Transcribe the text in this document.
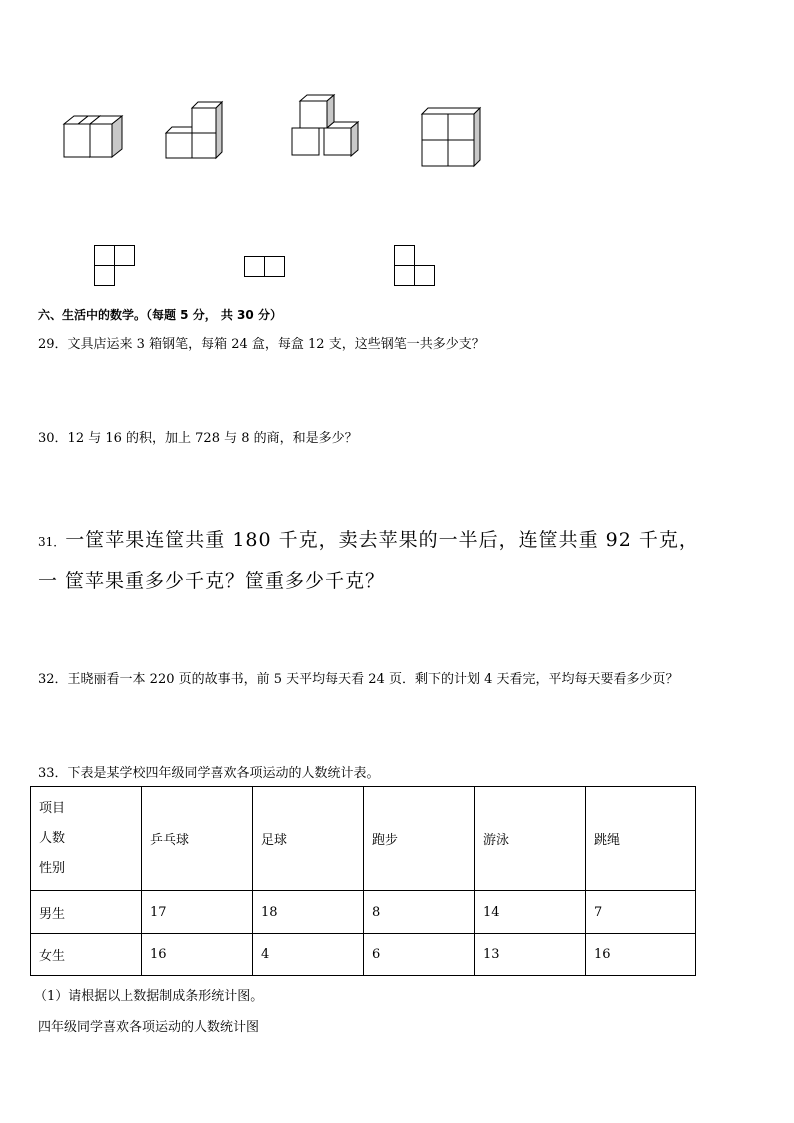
六、生活中的数学。（每题 5 分， 共 30 分）
29．文具店运来 3 箱钢笔，每箱 24 盒，每盒 12 支，这些钢笔一共多少支？
30．12 与 16 的积，加上 728 与 8 的商，和是多少？
31．一筐苹果连筐共重 180 千克，卖去苹果的一半后，连筐共重 92 千克，
一 筐苹果重多少千克？筐重多少千克？
32．王晓丽看一本 220 页的故事书，前 5 天平均每天看 24 页．剩下的计划 4 天看完，平均每天要看多少页？
33．下表是某学校四年级同学喜欢各项运动的人数统计表。
项目
人数
性别	乒乓球	足球	跑步	游泳	跳绳
男生	17	18	8	14	7
女生	16	4	6	13	16
（1）请根据以上数据制成条形统计图。
四年级同学喜欢各项运动的人数统计图
